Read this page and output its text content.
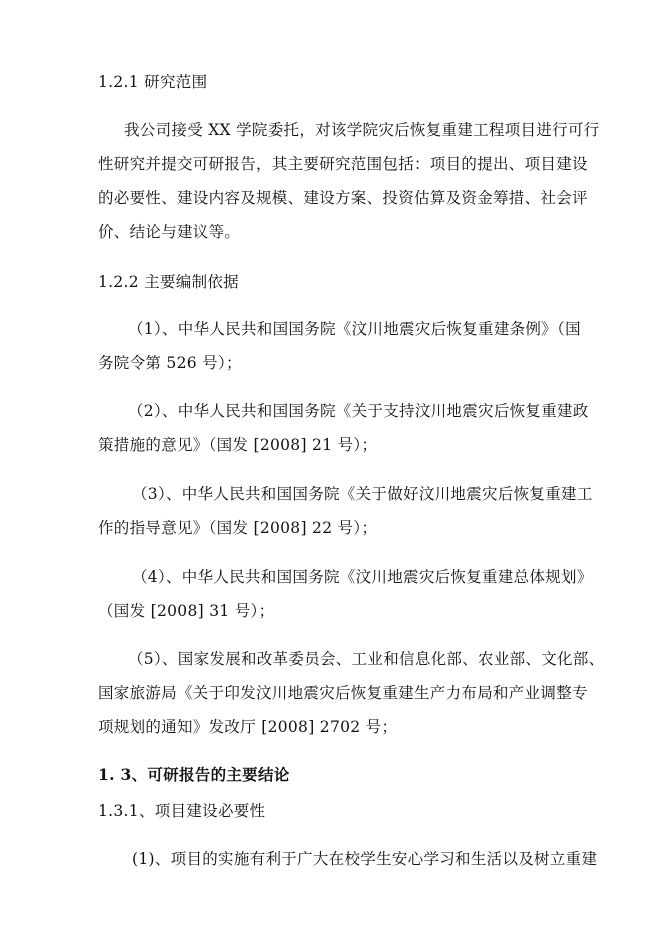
1.2.1 研究范围
我公司接受 XX 学院委托，对该学院灾后恢复重建工程项目进行可行
性研究并提交可研报告，其主要研究范围包括：项目的提出、项目建设
的必要性、建设内容及规模、建设方案、投资估算及资金筹措、社会评
价、结论与建议等。
1.2.2 主要编制依据
（1）、中华人民共和国国务院《汶川地震灾后恢复重建条例》（国
务院令第 526 号）；
（2）、中华人民共和国国务院《关于支持汶川地震灾后恢复重建政
策措施的意见》（国发 [2008] 21 号）；
（3）、中华人民共和国国务院《关于做好汶川地震灾后恢复重建工
作的指导意见》（国发 [2008] 22 号）；
（4）、中华人民共和国国务院《汶川地震灾后恢复重建总体规划》
（国发 [2008] 31 号）；
（5）、国家发展和改革委员会、工业和信息化部、农业部、文化部、
国家旅游局《关于印发汶川地震灾后恢复重建生产力布局和产业调整专
项规划的通知》发改厅 [2008] 2702 号；
1. 3、可研报告的主要结论
1.3.1、项目建设必要性
(1)、项目的实施有利于广大在校学生安心学习和生活以及树立重建
